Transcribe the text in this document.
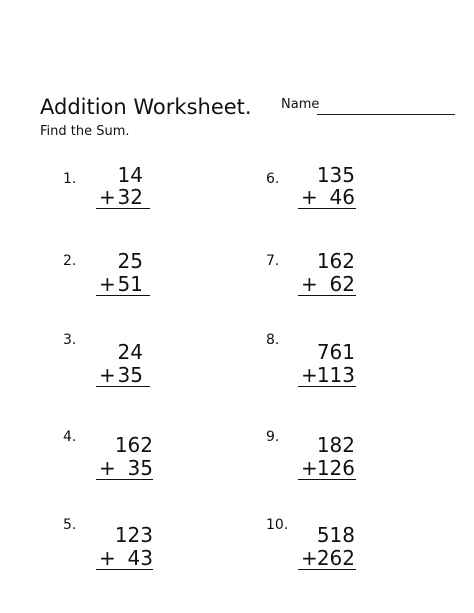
Addition Worksheet.
Find the Sum.
Name
1.	14
+ 32
2.	25
+ 51
3.	24
+ 35
4.	162
+ 35
5.	123
+ 43
6.	135
+ 46
7.	162
+ 62
8.	761
+ 113
9.	182
+ 126
10.	518
+ 262
